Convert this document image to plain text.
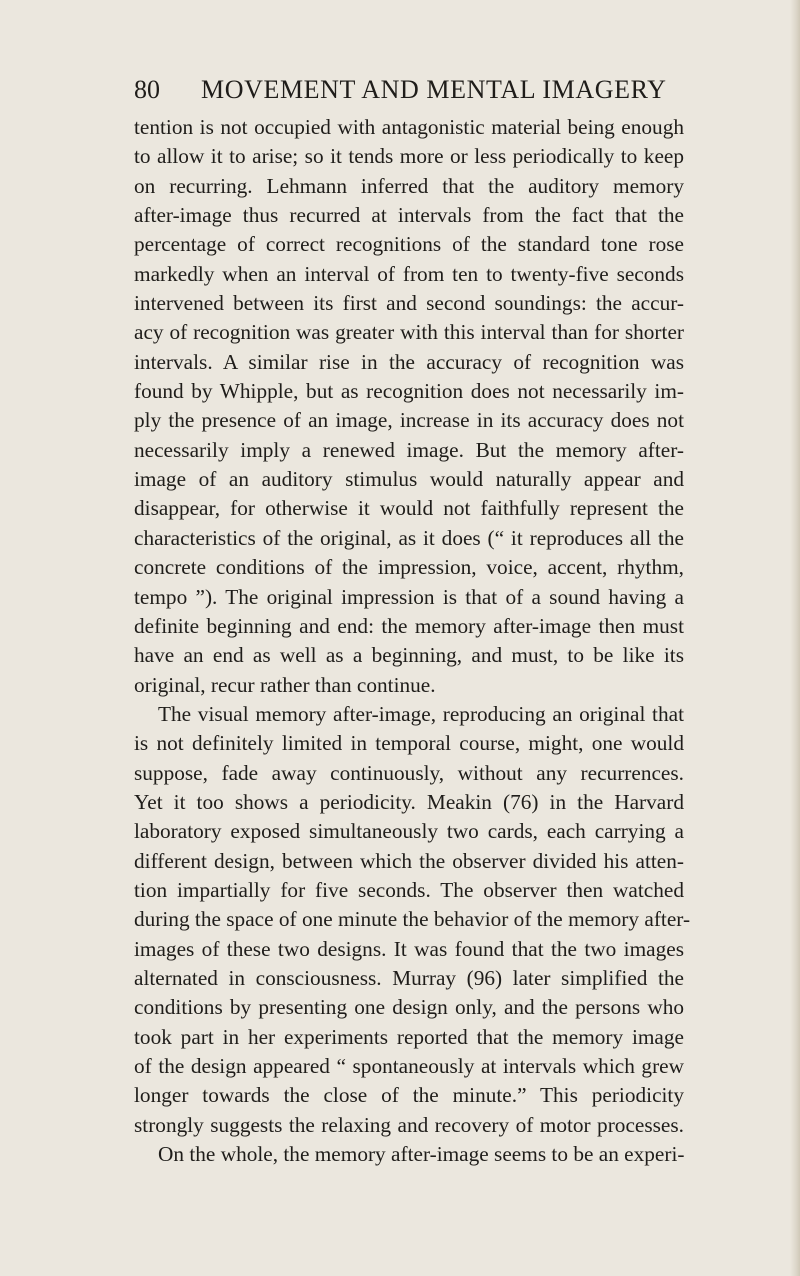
80 MOVEMENT AND MENTAL IMAGERY
tention is not occupied with antagonistic material being enough
to allow it to arise; so it tends more or less periodically to keep
on recurring. Lehmann inferred that the auditory memory
after-image thus recurred at intervals from the fact that the
percentage of correct recognitions of the standard tone rose
markedly when an interval of from ten to twenty-five seconds
intervened between its first and second soundings: the accur-
acy of recognition was greater with this interval than for shorter
intervals. A similar rise in the accuracy of recognition was
found by Whipple, but as recognition does not necessarily im-
ply the presence of an image, increase in its accuracy does not
necessarily imply a renewed image. But the memory after-
image of an auditory stimulus would naturally appear and
disappear, for otherwise it would not faithfully represent the
characteristics of the original, as it does (“ it reproduces all the
concrete conditions of the impression, voice, accent, rhythm,
tempo ”). The original impression is that of a sound having a
definite beginning and end: the memory after-image then must
have an end as well as a beginning, and must, to be like its
original, recur rather than continue.
The visual memory after-image, reproducing an original that
is not definitely limited in temporal course, might, one would
suppose, fade away continuously, without any recurrences.
Yet it too shows a periodicity. Meakin (76) in the Harvard
laboratory exposed simultaneously two cards, each carrying a
different design, between which the observer divided his atten-
tion impartially for five seconds. The observer then watched
during the space of one minute the behavior of the memory after-
images of these two designs. It was found that the two images
alternated in consciousness. Murray (96) later simplified the
conditions by presenting one design only, and the persons who
took part in her experiments reported that the memory image
of the design appeared “ spontaneously at intervals which grew
longer towards the close of the minute.” This periodicity
strongly suggests the relaxing and recovery of motor processes.
On the whole, the memory after-image seems to be an experi-
